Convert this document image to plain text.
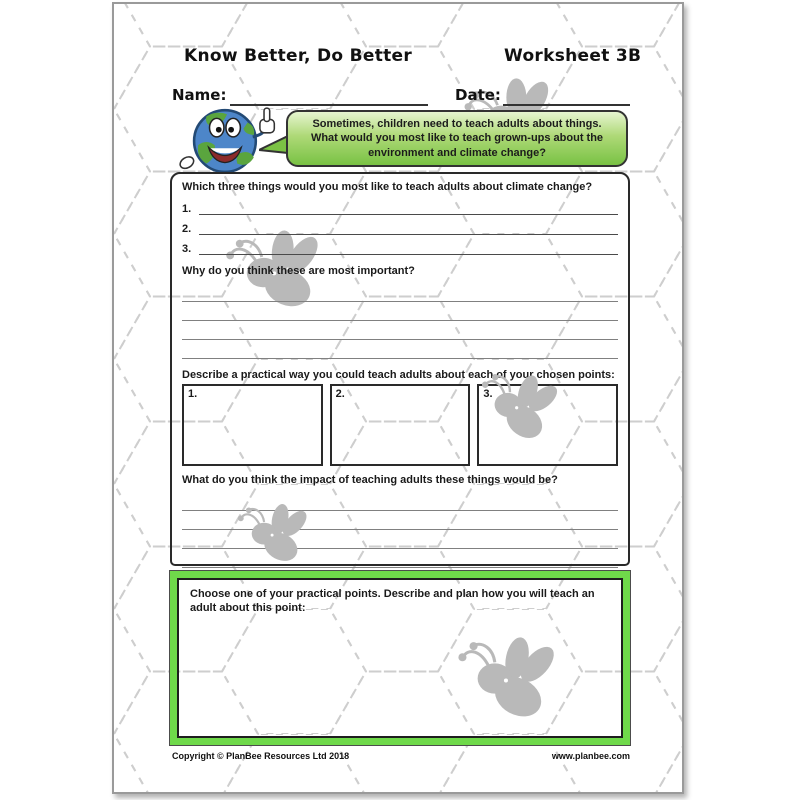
Know Better, Do Better	Worksheet 3B
Name:	Date:
Sometimes, children need to teach adults about things. What would you most like to teach grown-ups about the environment and climate change?
Which three things would you most like to teach adults about climate change?
1.
2.
3.
Why do you think these are most important?
Describe a practical way you could teach adults about each of your chosen points:
1.	2.	3.
What do you think the impact of teaching adults these things would be?
Choose one of your practical points. Describe and plan how you will teach an adult about this point:
Copyright © PlanBee Resources Ltd 2018	www.planbee.com
